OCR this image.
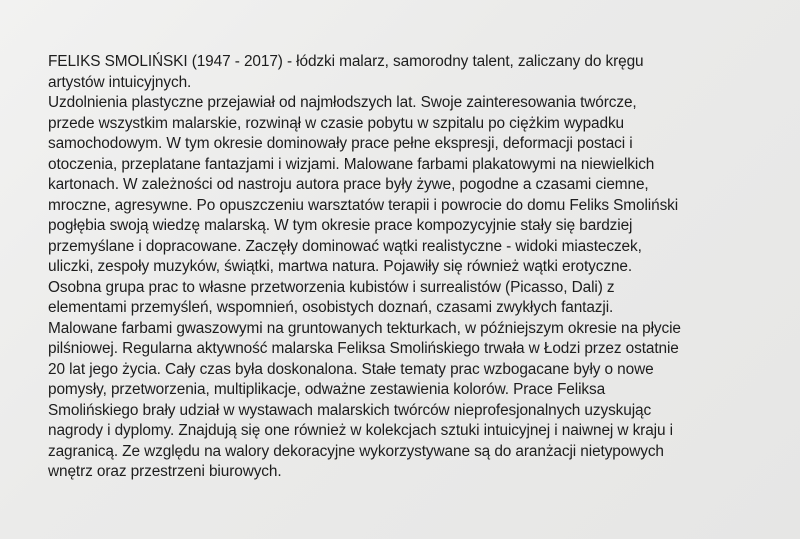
FELIKS SMOLIŃSKI (1947 - 2017) - łódzki malarz, samorodny talent, zaliczany do kręgu
artystów intuicyjnych.
Uzdolnienia plastyczne przejawiał od najmłodszych lat. Swoje zainteresowania twórcze,
przede wszystkim malarskie, rozwinął w czasie pobytu w szpitalu po ciężkim wypadku
samochodowym. W tym okresie dominowały prace pełne ekspresji, deformacji postaci i
otoczenia, przeplatane fantazjami i wizjami. Malowane farbami plakatowymi na niewielkich
kartonach. W zależności od nastroju autora prace były żywe, pogodne a czasami ciemne,
mroczne, agresywne. Po opuszczeniu warsztatów terapii i powrocie do domu Feliks Smoliński
pogłębia swoją wiedzę malarską. W tym okresie prace kompozycyjnie stały się bardziej
przemyślane i dopracowane. Zaczęły dominować wątki realistyczne - widoki miasteczek,
uliczki, zespoły muzyków, świątki, martwa natura. Pojawiły się również wątki erotyczne.
Osobna grupa prac to własne przetworzenia kubistów i surrealistów (Picasso, Dali) z
elementami przemyśleń, wspomnień, osobistych doznań, czasami zwykłych fantazji.
Malowane farbami gwaszowymi na gruntowanych tekturkach, w późniejszym okresie na płycie
pilśniowej. Regularna aktywność malarska Feliksa Smolińskiego trwała w Łodzi przez ostatnie
20 lat jego życia. Cały czas była doskonalona. Stałe tematy prac wzbogacane były o nowe
pomysły, przetworzenia, multiplikacje, odważne zestawienia kolorów. Prace Feliksa
Smolińskiego brały udział w wystawach malarskich twórców nieprofesjonalnych uzyskując
nagrody i dyplomy. Znajdują się one również w kolekcjach sztuki intuicyjnej i naiwnej w kraju i
zagranicą. Ze względu na walory dekoracyjne wykorzystywane są do aranżacji nietypowych
wnętrz oraz przestrzeni biurowych.
